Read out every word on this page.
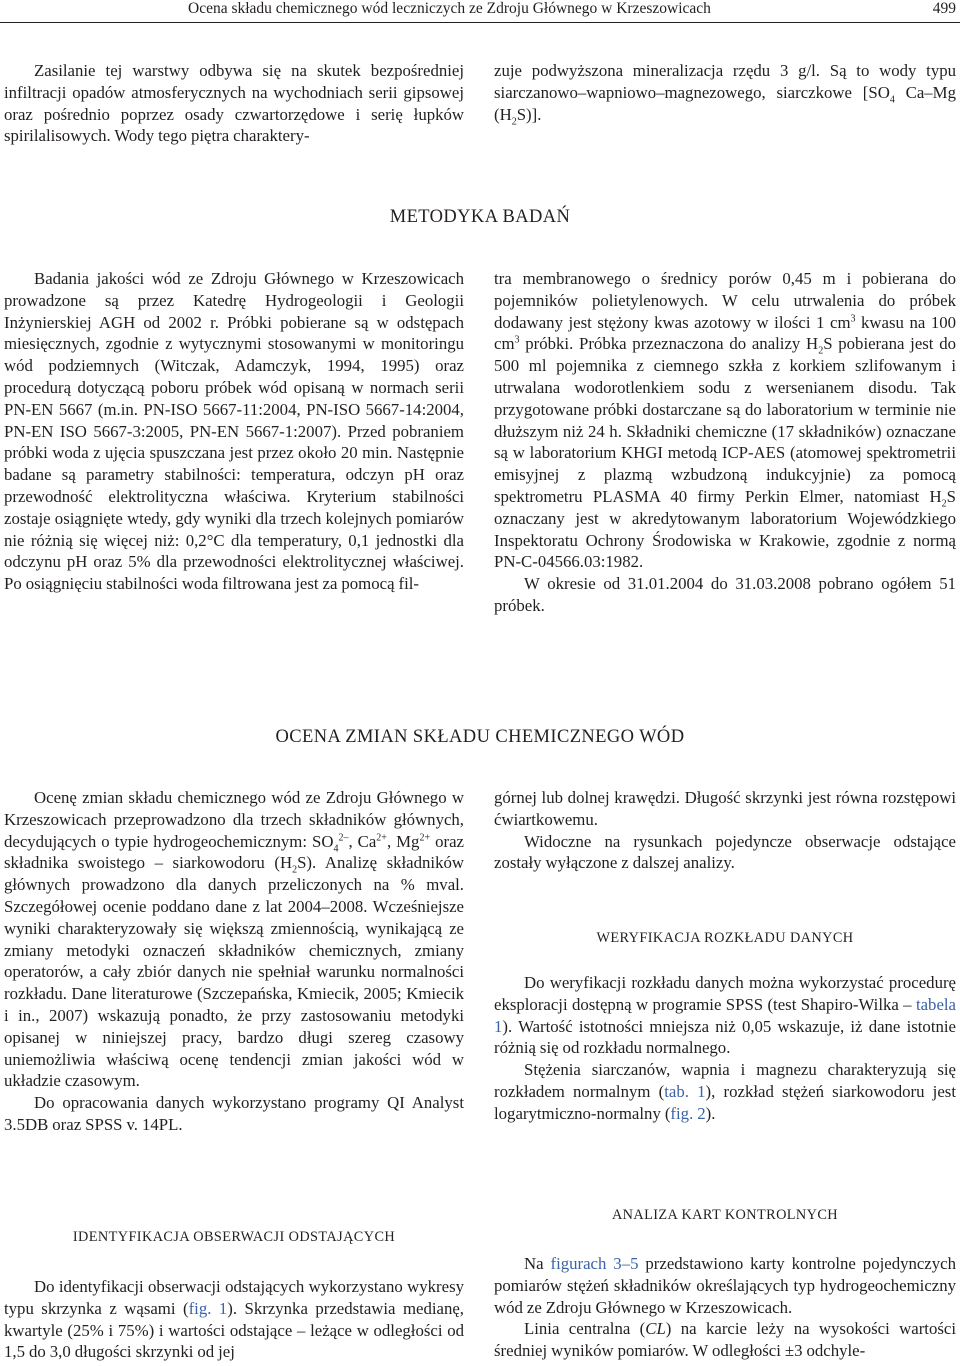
Ocena składu chemicznego wód leczniczych ze Zdroju Głównego w Krzeszowicach	499

Zasilanie tej warstwy odbywa się na skutek bezpośredniej infiltracji opadów atmosferycznych na wychodniach serii gipsowej oraz pośrednio poprzez osady czwartorzędowe i serię łupków spirilalisowych. Wody tego piętra charaktery-

zuje podwyższona mineralizacja rzędu 3 g/l. Są to wody typu siarczanowo–wapniowo–magnezowego, siarczkowe [$SO_4$ Ca–Mg $(H_2S)$].

METODYKA BADAŃ

Badania jakości wód ze Zdroju Głównego w Krzeszowicach prowadzone są przez Katedrę Hydrogeologii i Geologii Inżynierskiej AGH od 2002 r. Próbki pobierane są w odstępach miesięcznych, zgodnie z wytycznymi stosowanymi w monitoringu wód podziemnych (Witczak, Adamczyk, 1994, 1995) oraz procedurą dotyczącą poboru próbek wód opisaną w normach serii PN-EN 5667 (m.in. PN-ISO 5667-11:2004, PN-ISO 5667-14:2004, PN-EN ISO 5667-3:2005, PN-EN 5667-1:2007). Przed pobraniem próbki woda z ujęcia spuszczana jest przez około 20 min. Następnie badane są parametry stabilności: temperatura, odczyn pH oraz przewodność elektrolityczna właściwa. Kryterium stabilności zostaje osiągnięte wtedy, gdy wyniki dla trzech kolejnych pomiarów nie różnią się więcej niż: 0,2°C dla temperatury, 0,1 jednostki dla odczynu pH oraz 5% dla przewodności elektrolitycznej właściwej. Po osiągnięciu stabilności woda filtrowana jest za pomocą fil-

tra membranowego o średnicy porów 0,45 m i pobierana do pojemników polietylenowych. W celu utrwalenia do próbek dodawany jest stężony kwas azotowy w ilości 1 $cm^3$ kwasu na 100 $cm^3$ próbki. Próbka przeznaczona do analizy $H_2S$ pobierana jest do 500 ml pojemnika z ciemnego szkła z korkiem szlifowanym i utrwalana wodorotlenkiem sodu z wersenianem disodu. Tak przygotowane próbki dostarczane są do laboratorium w terminie nie dłuższym niż 24 h. Składniki chemiczne (17 składników) oznaczane są w laboratorium KHGI metodą ICP-AES (atomowej spektrometrii emisyjnej z plazmą wzbudzoną indukcyjnie) za pomocą spektrometru PLASMA 40 firmy Perkin Elmer, natomiast $H_2S$ oznaczany jest w akredytowanym laboratorium Wojewódzkiego Inspektoratu Ochrony Środowiska w Krakowie, zgodnie z normą PN-C-04566.03:1982.

W okresie od 31.01.2004 do 31.03.2008 pobrano ogółem 51 próbek.

OCENA ZMIAN SKŁADU CHEMICZNEGO WÓD

Ocenę zmian składu chemicznego wód ze Zdroju Głównego w Krzeszowicach przeprowadzono dla trzech składników głównych, decydujących o typie hydrogeochemicznym: $SO_4^{2-}$, $Ca^{2+}$, $Mg^{2+}$ oraz składnika swoistego – siarkowodoru $(H_2S)$. Analizę składników głównych prowadzono dla danych przeliczonych na % mval. Szczegółowej ocenie poddano dane z lat 2004–2008. Wcześniejsze wyniki charakteryzowały się większą zmiennością, wynikającą ze zmiany metodyki oznaczeń składników chemicznych, zmiany operatorów, a cały zbiór danych nie spełniał warunku normalności rozkładu. Dane literaturowe (Szczepańska, Kmiecik, 2005; Kmiecik i in., 2007) wskazują ponadto, że przy zastosowaniu metodyki opisanej w niniejszej pracy, bardzo długi szereg czasowy uniemożliwia właściwą ocenę tendencji zmian jakości wód w układzie czasowym.

Do opracowania danych wykorzystano programy QI Analyst 3.5DB oraz SPSS v. 14PL.

górnej lub dolnej krawędzi. Długość skrzynki jest równa rozstępowi ćwiartkowemu.

Widoczne na rysunkach pojedyncze obserwacje odstające zostały wyłączone z dalszej analizy.

WERYFIKACJA ROZKŁADU DANYCH

Do weryfikacji rozkładu danych można wykorzystać procedurę eksploracji dostępną w programie SPSS (test Shapiro-Wilka – tabela 1). Wartość istotności mniejsza niż 0,05 wskazuje, iż dane istotnie różnią się od rozkładu normalnego.

Stężenia siarczanów, wapnia i magnezu charakteryzują się rozkładem normalnym (tab. 1), rozkład stężeń siarkowodoru jest logarytmiczno-normalny (fig. 2).

IDENTYFIKACJA OBSERWACJI ODSTAJĄCYCH

Do identyfikacji obserwacji odstających wykorzystano wykresy typu skrzynka z wąsami (fig. 1). Skrzynka przedstawia medianę, kwartyle (25% i 75%) i wartości odstające – leżące w odległości od 1,5 do 3,0 długości skrzynki od jej

ANALIZA KART KONTROLNYCH

Na figurach 3–5 przedstawiono karty kontrolne pojedynczych pomiarów stężeń składników określających typ hydrogeochemiczny wód ze Zdroju Głównego w Krzeszowicach.

Linia centralna (CL) na karcie leży na wysokości wartości średniej wyników pomiarów. W odległości ±3 odchyle-
